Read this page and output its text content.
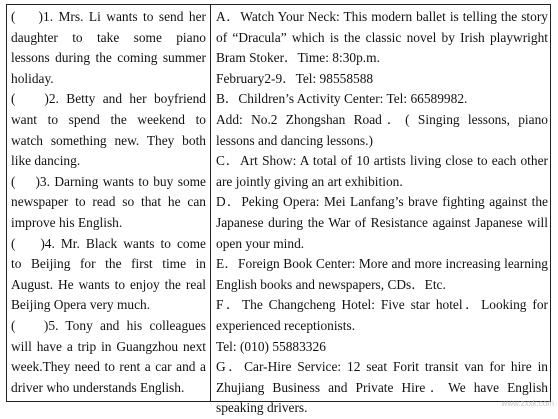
(　 )1. Mrs. Li wants to send her
daughter to take some piano
lessons during the coming summer
holiday.
(　 )2. Betty and her boyfriend
want to spend the weekend to
watch something new. They both
like dancing.
(　 )3. Darning wants to buy some
newspaper to read so that he can
improve his English.
(　 )4. Mr. Black wants to come
to Beijing for the first time in
August. He wants to enjoy the real
Beijing Opera very much.
(　 )5. Tony and his colleagues
will have a trip in Guangzhou next
week.They need to rent a car and a
driver who understands English.
A．Watch Your Neck: This modern ballet is telling the story
of “Dracula” which is the classic novel by Irish playwright
Bram Stoker．Time: 8:30p.m.
February2-9．Tel: 98558588
B．Children’s Activity Center: Tel: 66589982.
Add: No.2 Zhongshan Road．( Singing lessons, piano
lessons and dancing lessons.)
C．Art Show: A total of 10 artists living close to each other
are jointly giving an art exhibition.
D．Peking Opera: Mei Lanfang’s brave fighting against the
Japanese during the War of Resistance against Japanese will
open your mind.
E．Foreign Book Center: More and more increasing learning
English books and newspapers, CDs．Etc.
F．The Changcheng Hotel: Five star hotel．Looking for
experienced receptionists.
Tel: (010) 55883326
G．Car-Hire Service: 12 seat Forit transit van for hire in
Zhujiang Business and Private Hire．We have English
speaking drivers.	www.zxxk.com
